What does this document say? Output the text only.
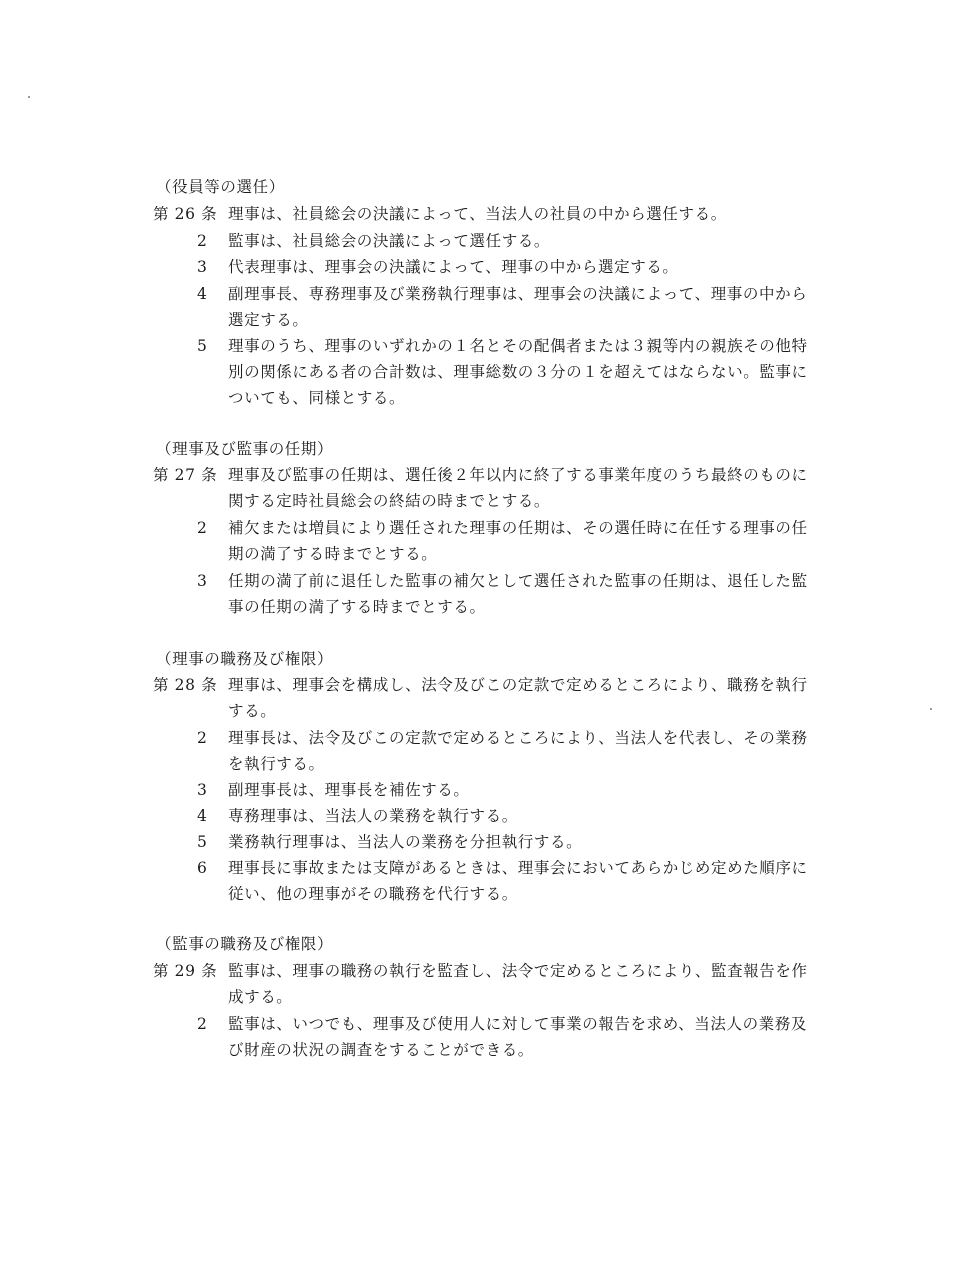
（役員等の選任）
第 26 条 理事は、社員総会の決議によって、当法人の社員の中から選任する。
2 監事は、社員総会の決議によって選任する。
3 代表理事は、理事会の決議によって、理事の中から選定する。
4 副理事長、専務理事及び業務執行理事は、理事会の決議によって、理事の中から
選定する。
5 理事のうち、理事のいずれかの１名とその配偶者または３親等内の親族その他特
別の関係にある者の合計数は、理事総数の３分の１を超えてはならない。監事に
ついても、同様とする。
（理事及び監事の任期）
第 27 条 理事及び監事の任期は、選任後２年以内に終了する事業年度のうち最終のものに
関する定時社員総会の終結の時までとする。
2 補欠または増員により選任された理事の任期は、その選任時に在任する理事の任
期の満了する時までとする。
3 任期の満了前に退任した監事の補欠として選任された監事の任期は、退任した監
事の任期の満了する時までとする。
（理事の職務及び権限）
第 28 条 理事は、理事会を構成し、法令及びこの定款で定めるところにより、職務を執行
する。
2 理事長は、法令及びこの定款で定めるところにより、当法人を代表し、その業務
を執行する。
3 副理事長は、理事長を補佐する。
4 専務理事は、当法人の業務を執行する。
5 業務執行理事は、当法人の業務を分担執行する。
6 理事長に事故または支障があるときは、理事会においてあらかじめ定めた順序に
従い、他の理事がその職務を代行する。
（監事の職務及び権限）
第 29 条 監事は、理事の職務の執行を監査し、法令で定めるところにより、監査報告を作
成する。
2 監事は、いつでも、理事及び使用人に対して事業の報告を求め、当法人の業務及
び財産の状況の調査をすることができる。
